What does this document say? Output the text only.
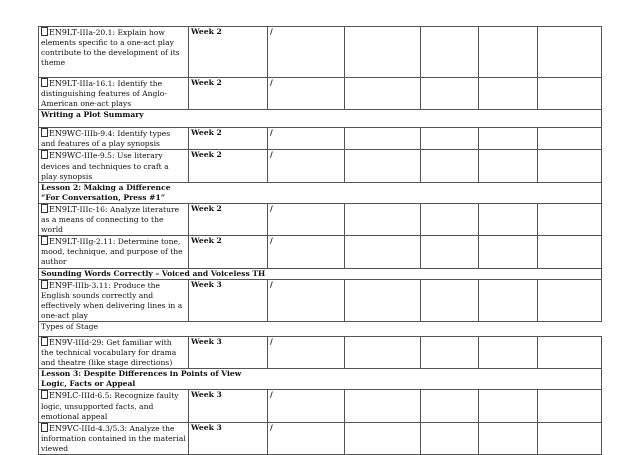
EN9LT-IIIa-20.1: Explain how elements specific to a one-act play contribute to the development of its theme	Week 2	/				
EN9LT-IIIa-16.1: Identify the distinguishing features of Anglo-American one-act plays	Week 2	/				
Writing a Plot Summary						
EN9WC-IIIb-9.4: Identify types and features of a play synopsis	Week 2	/				
EN9WC-IIIe-9.5: Use literary devices and techniques to craft a play synopsis	Week 2	/				

Lesson 2: Making a Difference
“For Conversation, Press #1”						

EN9LT-IIIc-16: Analyze literature as a means of connecting to the world	Week 2	/				
EN9LT-IIIg-2.11: Determine tone, mood, technique, and purpose of the author	Week 2	/				
Sounding Words Correctly – Voiced and Voiceless TH						
EN9F-IIIb-3.11: Produce the English sounds correctly and effectively when delivering lines in a one-act play	Week 3	/				
Types of Stage						
EN9V-IIId-29: Get familiar with the technical vocabulary for drama and theatre (like stage directions)	Week 3	/				

Lesson 3: Despite Differences in Points of View
Logic, Facts or Appeal						

EN9LC-IIId-6.5: Recognize faulty logic, unsupported facts, and emotional appeal	Week 3	/				
EN9VC-IIId-4.3/5.3: Analyze the information contained in the material viewed	Week 3	/				
